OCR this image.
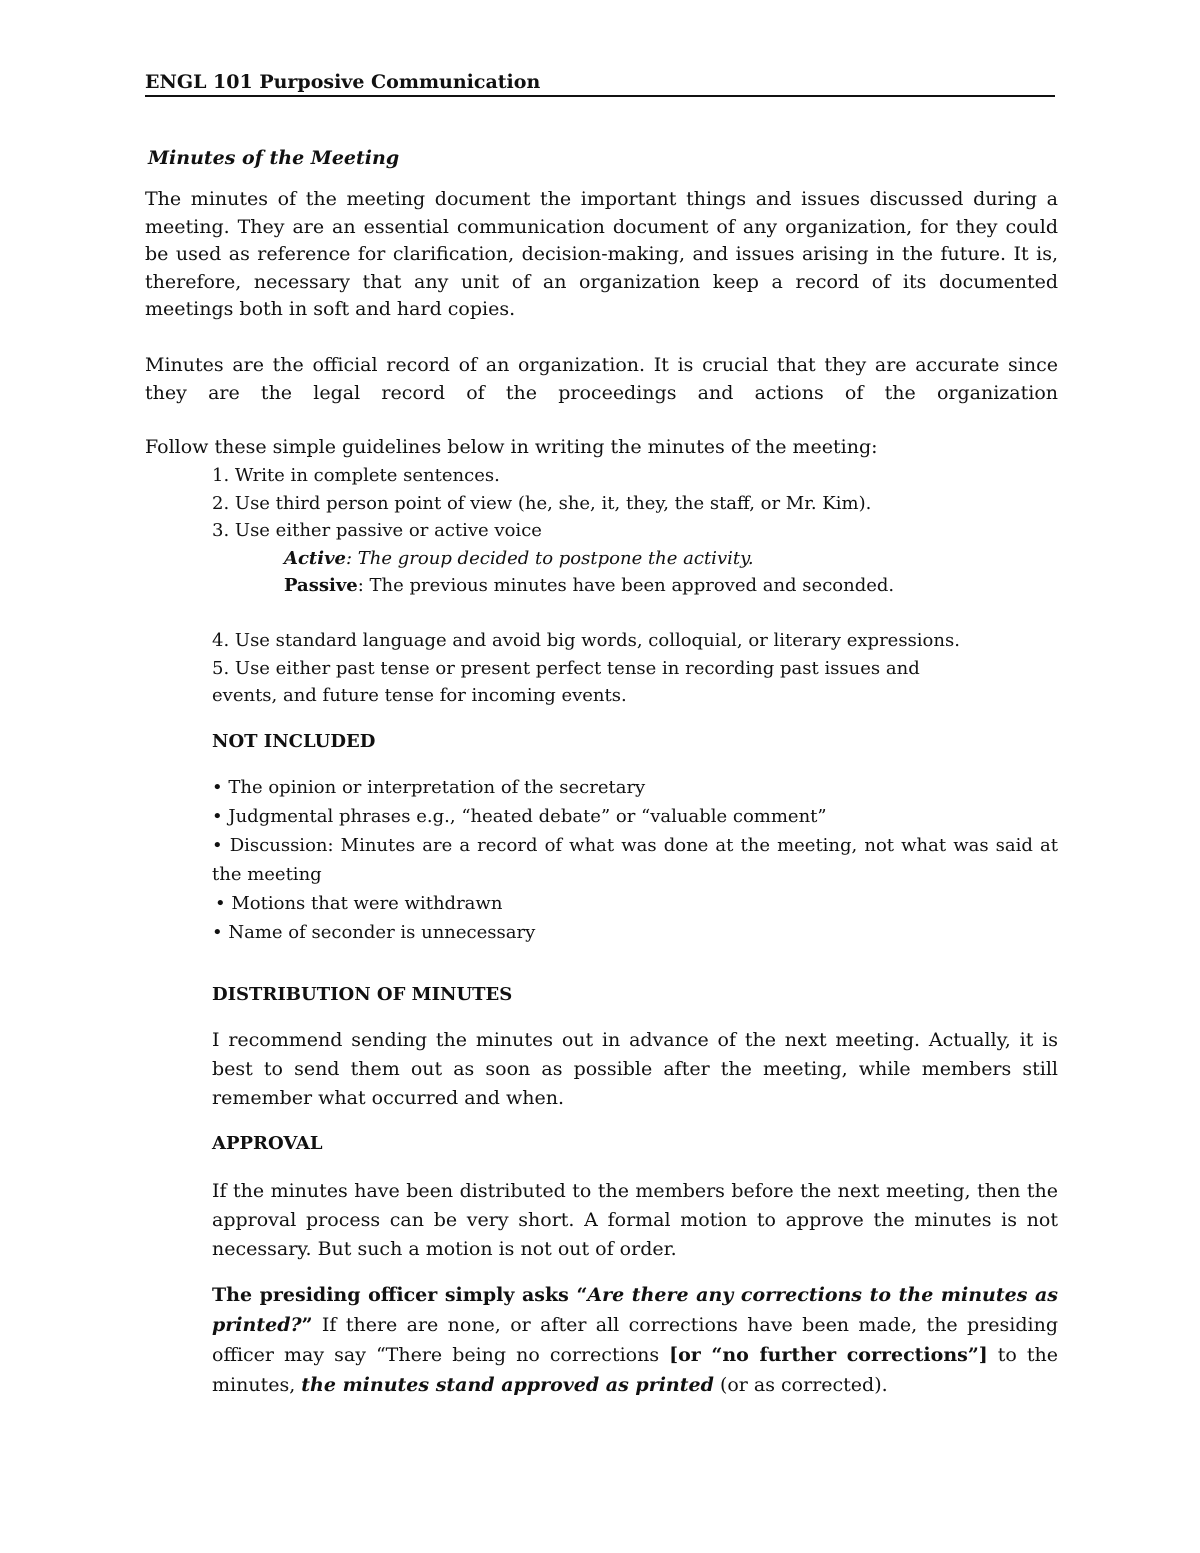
ENGL 101 Purposive Communication
Minutes of the Meeting

The minutes of the meeting document the important things and issues discussed during a meeting. They are an essential communication document of any organization, for they could be used as reference for clarification, decision-making, and issues arising in the future. It is, therefore, necessary that any unit of an organization keep a record of its documented meetings both in soft and hard copies.

Minutes are the official record of an organization. It is crucial that they are accurate since they are the legal record of the proceedings and actions of the organization

Follow these simple guidelines below in writing the minutes of the meeting:
1. Write in complete sentences.
2. Use third person point of view (he, she, it, they, the staff, or Mr. Kim).
3. Use either passive or active voice
Active: The group decided to postpone the activity.
Passive: The previous minutes have been approved and seconded.
4. Use standard language and avoid big words, colloquial, or literary expressions.
5. Use either past tense or present perfect tense in recording past issues and
events, and future tense for incoming events.
NOT INCLUDED
• The opinion or interpretation of the secretary
• Judgmental phrases e.g., “heated debate” or “valuable comment”
• Discussion: Minutes are a record of what was done at the meeting, not what was said at the meeting
• Motions that were withdrawn
• Name of seconder is unnecessary
DISTRIBUTION OF MINUTES

I recommend sending the minutes out in advance of the next meeting. Actually, it is best to send them out as soon as possible after the meeting, while members still remember what occurred and when.

APPROVAL

If the minutes have been distributed to the members before the next meeting, then the approval process can be very short. A formal motion to approve the minutes is not necessary. But such a motion is not out of order.

The presiding officer simply asks “Are there any corrections to the minutes as printed?” If there are none, or after all corrections have been made, the presiding officer may say “There being no corrections [or “no further corrections”] to the minutes, the minutes stand approved as printed (or as corrected).
